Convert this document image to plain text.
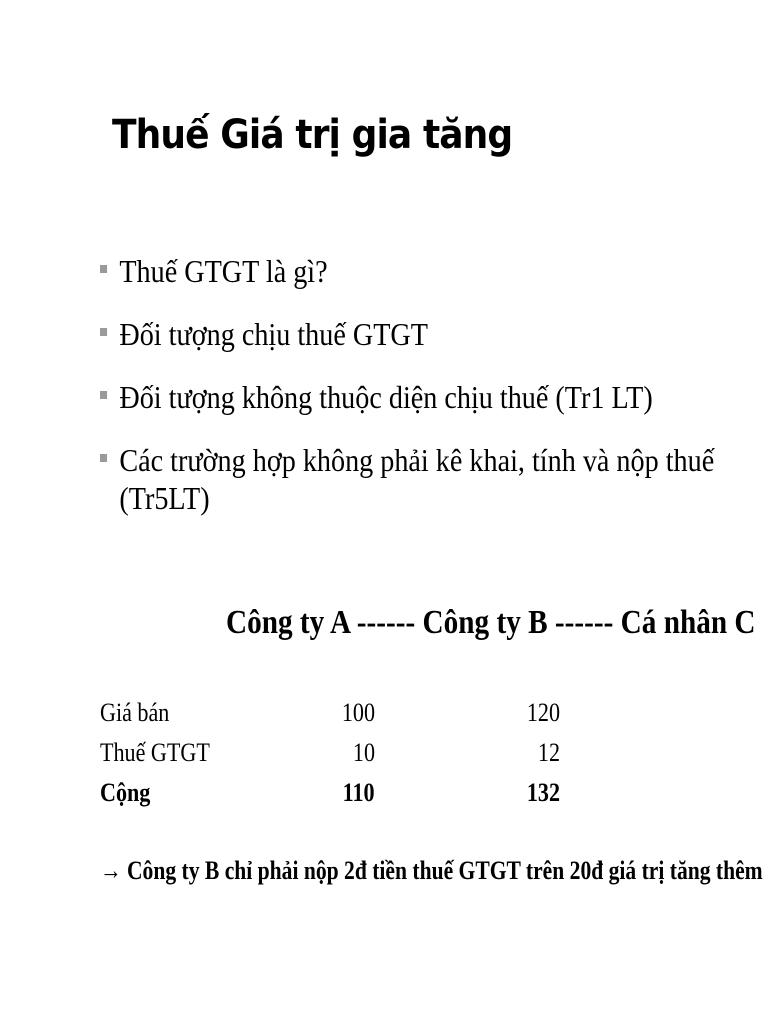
Thuế Giá trị gia tăng
Thuế GTGT là gì?
Đối tượng chịu thuế GTGT
Đối tượng không thuộc diện chịu thuế (Tr1 LT)
Các trường hợp không phải kê khai, tính và nộp thuế (Tr5LT)
Công ty A ------ Công ty B ------ Cá nhân C
Giá bán	100	120
Thuế GTGT	10	12
Cộng	110	132
→ Công ty B chỉ phải nộp 2đ tiền thuế GTGT trên 20đ giá trị tăng thêm
